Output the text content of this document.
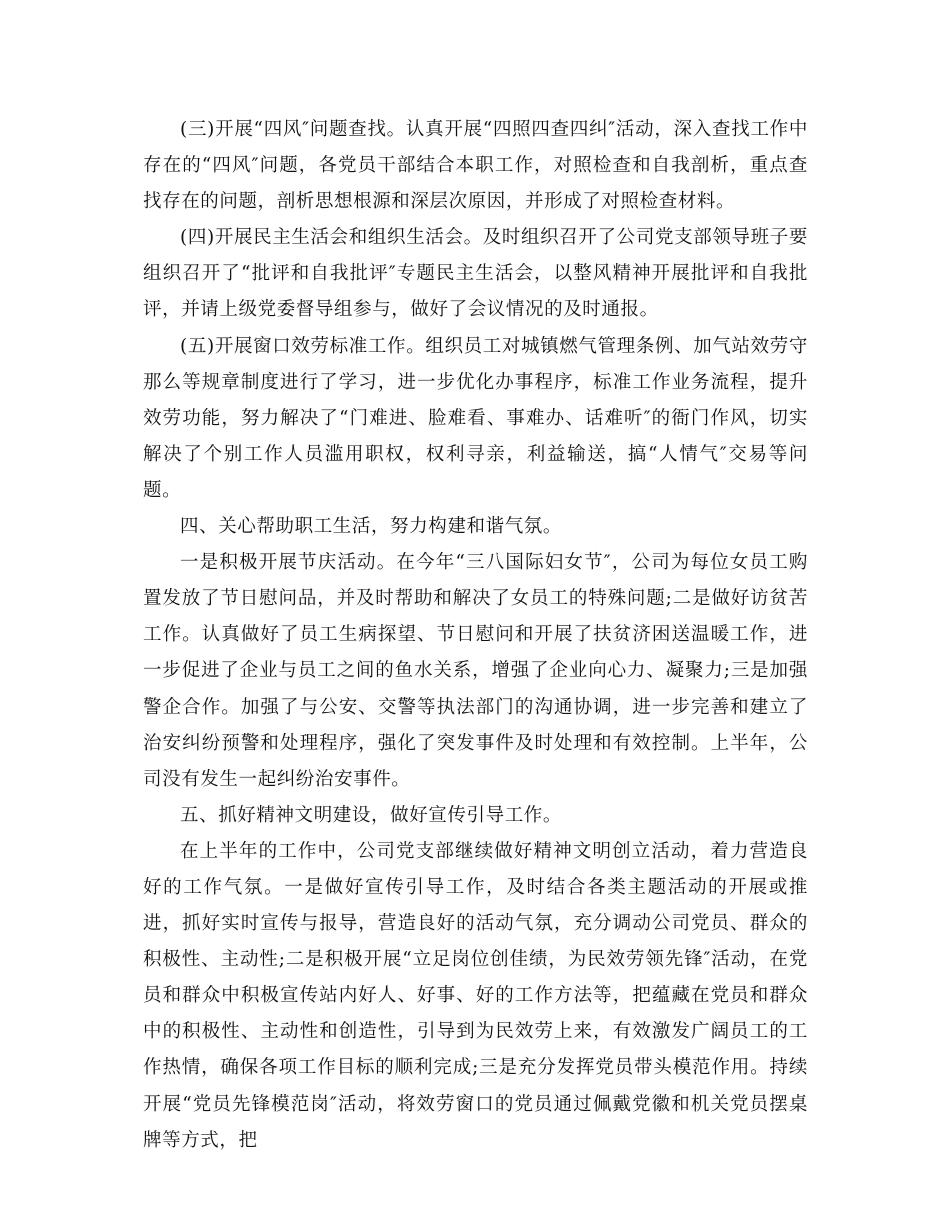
(三)开展“四风″问题查找。认真开展“四照四查四纠″活动，深入查找工作中存在的“四风″问题，各党员干部结合本职工作，对照检查和自我剖析，重点查找存在的问题，剖析思想根源和深层次原因，并形成了对照检查材料。

(四)开展民主生活会和组织生活会。及时组织召开了公司党支部领导班子要组织召开了“批评和自我批评″专题民主生活会，以整风精神开展批评和自我批评，并请上级党委督导组参与，做好了会议情况的及时通报。

(五)开展窗口效劳标准工作。组织员工对城镇燃气管理条例、加气站效劳守那么等规章制度进行了学习，进一步优化办事程序，标准工作业务流程，提升效劳功能，努力解决了“门难进、脸难看、事难办、话难听″的衙门作风，切实解决了个别工作人员滥用职权，权利寻亲，利益输送，搞“人情气″交易等问题。

四、关心帮助职工生活，努力构建和谐气氛。

一是积极开展节庆活动。在今年“三八国际妇女节″，公司为每位女员工购置发放了节日慰问品，并及时帮助和解决了女员工的特殊问题;二是做好访贫苦工作。认真做好了员工生病探望、节日慰问和开展了扶贫济困送温暖工作，进一步促进了企业与员工之间的鱼水关系，增强了企业向心力、凝聚力;三是加强警企合作。加强了与公安、交警等执法部门的沟通协调，进一步完善和建立了治安纠纷预警和处理程序，强化了突发事件及时处理和有效控制。上半年，公司没有发生一起纠纷治安事件。

五、抓好精神文明建设，做好宣传引导工作。

在上半年的工作中，公司党支部继续做好精神文明创立活动，着力营造良好的工作气氛。一是做好宣传引导工作，及时结合各类主题活动的开展或推进，抓好实时宣传与报导，营造良好的活动气氛，充分调动公司党员、群众的积极性、主动性;二是积极开展“立足岗位创佳绩，为民效劳领先锋″活动，在党员和群众中积极宣传站内好人、好事、好的工作方法等，把蕴藏在党员和群众中的积极性、主动性和创造性，引导到为民效劳上来，有效激发广阔员工的工作热情，确保各项工作目标的顺利完成;三是充分发挥党员带头模范作用。持续开展“党员先锋模范岗″活动，将效劳窗口的党员通过佩戴党徽和机关党员摆桌牌等方式，把
